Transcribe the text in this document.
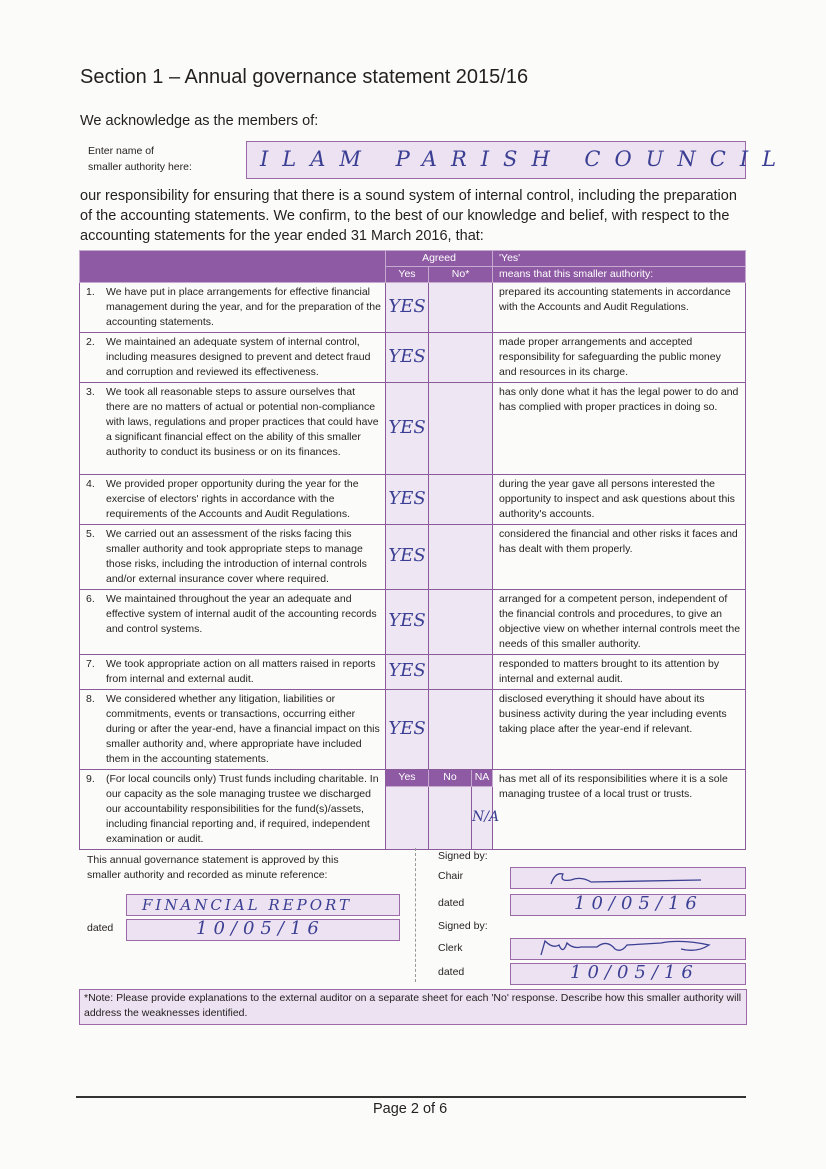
Section 1 – Annual governance statement 2015/16
We acknowledge as the members of:
Enter name of
smaller authority here:	ILAM PARISH COUNCIL
our responsibility for ensuring that there is a sound system of internal control, including the preparation of the accounting statements. We confirm, to the best of our knowledge and belief, with respect to the accounting statements for the year ended 31 March 2016, that:
	Agreed			'Yes'
	Yes	No*		means that this smaller authority:

1. We have put in place arrangements for effective financial management during the year, and for the preparation of the accounting statements.	YES			prepared its accounting statements in accordance with the Accounts and Audit Regulations.

2. We maintained an adequate system of internal control, including measures designed to prevent and detect fraud and corruption and reviewed its effectiveness.	YES			made proper arrangements and accepted responsibility for safeguarding the public money and resources in its charge.

3. We took all reasonable steps to assure ourselves that there are no matters of actual or potential non-compliance with laws, regulations and proper practices that could have a significant financial effect on the ability of this smaller authority to conduct its business or on its finances.	YES			has only done what it has the legal power to do and has complied with proper practices in doing so.

4. We provided proper opportunity during the year for the exercise of electors' rights in accordance with the requirements of the Accounts and Audit Regulations.	YES			during the year gave all persons interested the opportunity to inspect and ask questions about this authority's accounts.

5. We carried out an assessment of the risks facing this smaller authority and took appropriate steps to manage those risks, including the introduction of internal controls and/or external insurance cover where required.	YES			considered the financial and other risks it faces and has dealt with them properly.

6. We maintained throughout the year an adequate and effective system of internal audit of the accounting records and control systems.	YES			arranged for a competent person, independent of the financial controls and procedures, to give an objective view on whether internal controls meet the needs of this smaller authority.

7. We took appropriate action on all matters raised in reports from internal and external audit.	YES			responded to matters brought to its attention by internal and external audit.

8. We considered whether any litigation, liabilities or commitments, events or transactions, occurring either during or after the year-end, have a financial impact on this smaller authority and, where appropriate have included them in the accounting statements.	YES			disclosed everything it should have about its business activity during the year including events taking place after the year-end if relevant.

9. (For local councils only) Trust funds including charitable. In our capacity as the sole managing trustee we discharged our accountability responsibilities for the fund(s)/assets, including financial reporting and, if required, independent examination or audit.	Yes	No	NA	has met all of its responsibilities where it is a sole managing trustee of a local trust or trusts.
			N/A	
This annual governance statement is approved by this
smaller authority and recorded as minute reference:
FINANCIAL REPORT
dated	10/05/16
Signed by:
Chair
dated	10/05/16
Signed by:
Clerk
dated	10/05/16
*Note: Please provide explanations to the external auditor on a separate sheet for each 'No' response. Describe how this smaller authority will address the weaknesses identified.
Page 2 of 6
